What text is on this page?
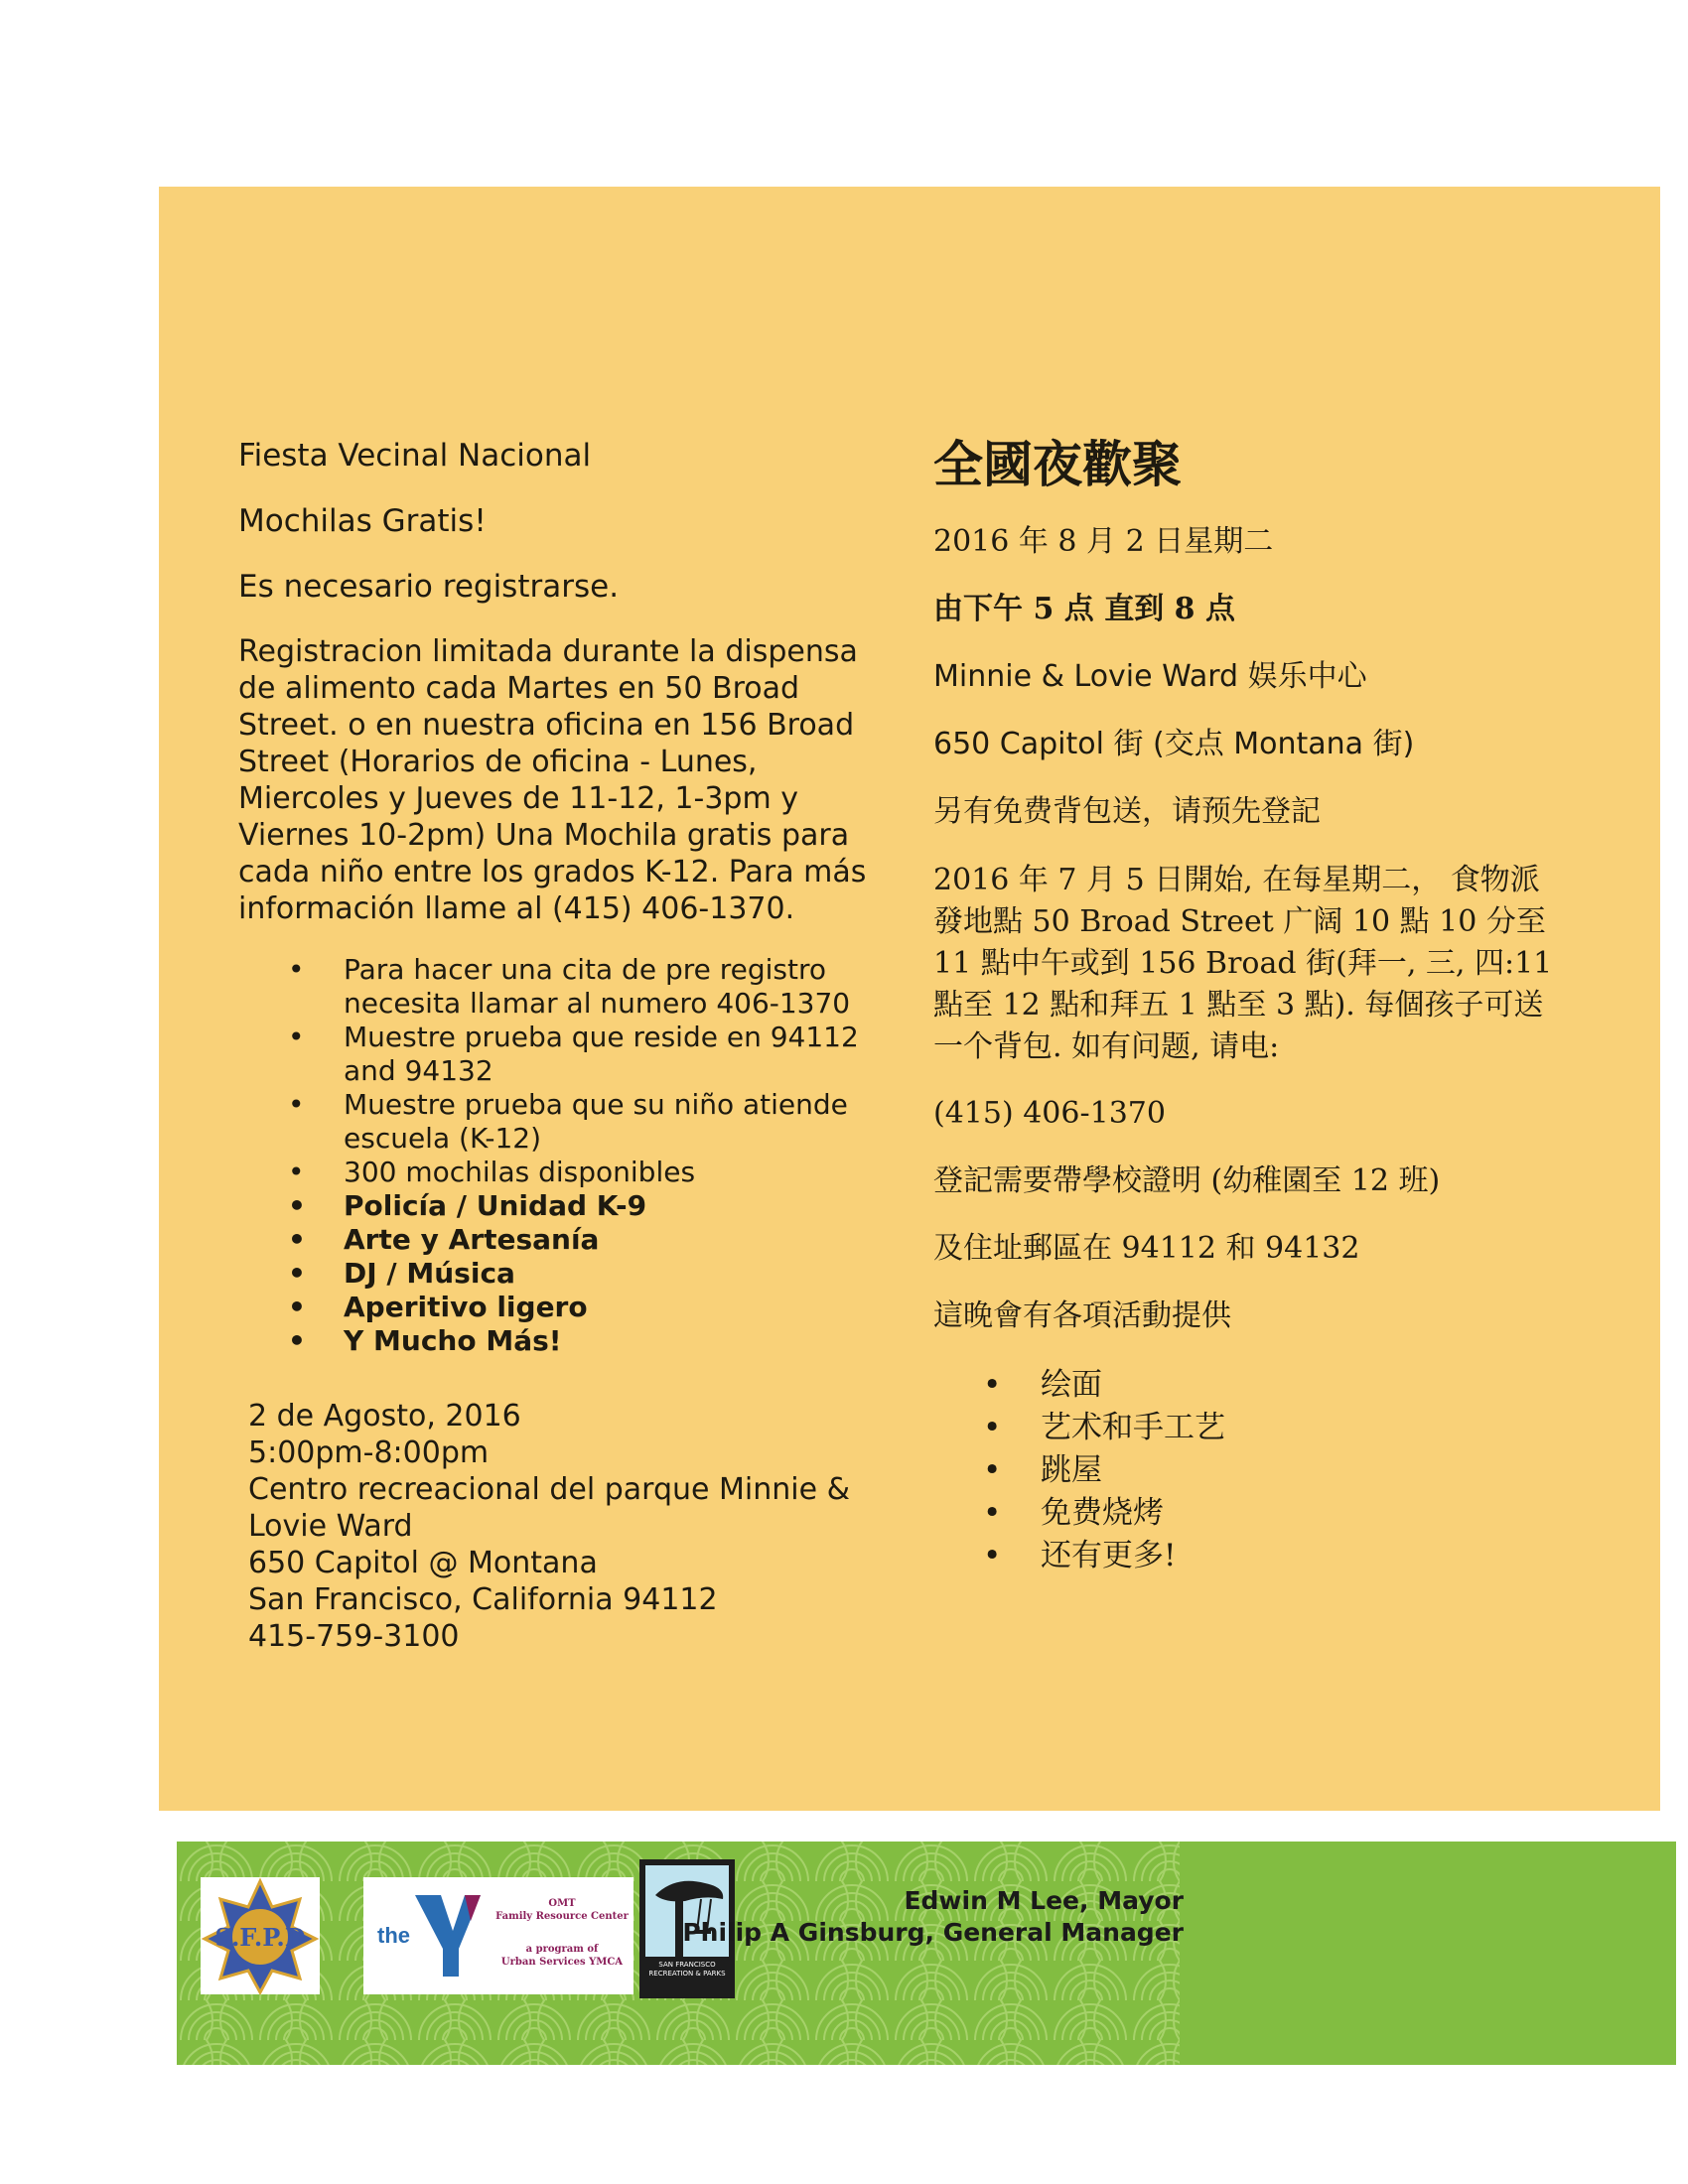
Fiesta Vecinal Nacional

Mochilas Gratis!

Es necesario registrarse.

Registracion limitada durante la dispensa de alimento cada Martes en 50 Broad Street. o en nuestra oficina en 156 Broad Street (Horarios de oficina - Lunes, Miercoles y Jueves de 11-12, 1-3pm y Viernes 10-2pm) Una Mochila gratis para cada niño entre los grados K-12. Para más información llame al (415) 406-1370.

• Para hacer una cita de pre registro necesita llamar al numero 406-1370
• Muestre prueba que reside en 94112 and 94132
• Muestre prueba que su niño atiende escuela (K-12)
• 300 mochilas disponibles
• Policía / Unidad K-9
• Arte y Artesanía
• DJ / Música
• Aperitivo ligero
• Y Mucho Más!
2 de Agosto, 2016
5:00pm-8:00pm
Centro recreacional del parque Minnie & Lovie Ward
650 Capitol @ Montana
San Francisco, California 94112
415-759-3100

全國夜歡聚

2016 年 8 月 2 日星期二

由下午 5 点 直到 8 点

Minnie & Lovie Ward 娱乐中心

650 Capitol 街 (交点 Montana 街)

另有免费背包送，请预先登記

2016 年 7 月 5 日開始, 在每星期二， 食物派發地點 50 Broad Street 广阔 10 點 10 分至 11 點中午或到 156 Broad 街(拜一, 三, 四:11 點至 12 點和拜五 1 點至 3 點). 每個孩子可送一个背包. 如有问题, 请电:

(415) 406-1370

登記需要帶學校證明 (幼稚園至 12 班)

及住址郵區在 94112 和 94132

這晚會有各項活動提供

• 绘面
• 艺术和手工艺
• 跳屋
• 免费烧烤
• 还有更多!
S.F.P.D	the
OMT
Family Resource Center
a program of
Urban Services YMCA	SAN FRANCISCO RECREATION & PARKS
Edwin M Lee, Mayor
Philip A Ginsburg, General Manager
